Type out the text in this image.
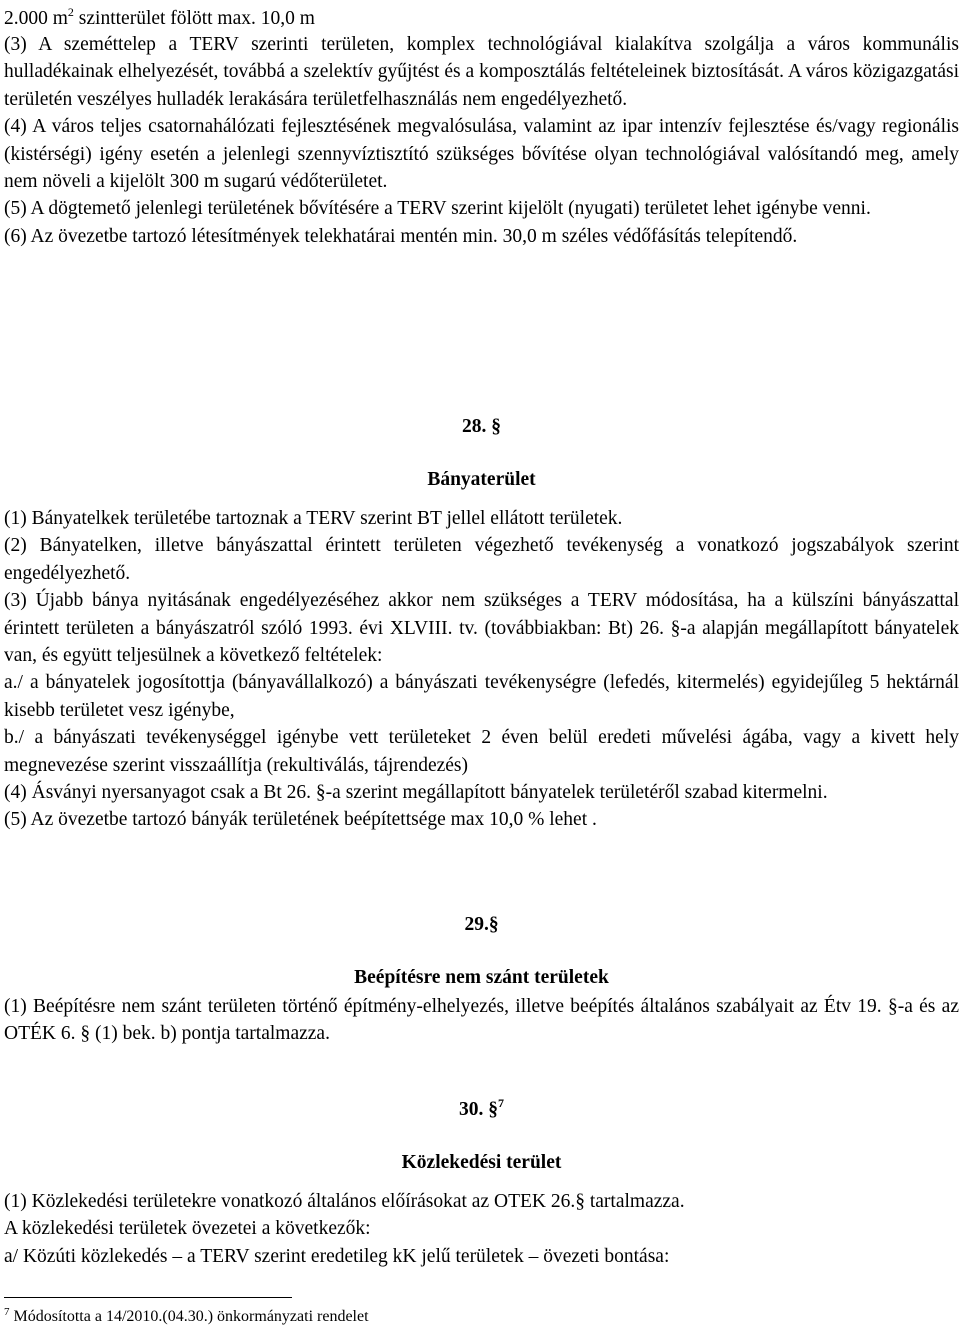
2.000 $m^2$ szintterület fölött max. 10,0 m

(3) A szeméttelep a TERV szerinti területen, komplex technológiával kialakítva szolgálja a város kommunális hulladékainak elhelyezését, továbbá a szelektív gyűjtést és a komposztálás feltételeinek biztosítását. A város közigazgatási területén veszélyes hulladék lerakására területfelhasználás nem engedélyezhető.

(4) A város teljes csatornahálózati fejlesztésének megvalósulása, valamint az ipar intenzív fejlesztése és/vagy regionális (kistérségi) igény esetén a jelenlegi szennyvíztisztító szükséges bővítése olyan technológiával valósítandó meg, amely nem növeli a kijelölt 300 m sugarú védőterületet.

(5) A dögtemető jelenlegi területének bővítésére a TERV szerint kijelölt (nyugati) területet lehet igénybe venni.

(6) Az övezetbe tartozó létesítmények telekhatárai mentén min. 30,0 m széles védőfásítás telepítendő.

28. §
Bányaterület

(1) Bányatelkek területébe tartoznak a TERV szerint BT jellel ellátott területek.

(2) Bányatelken, illetve bányászattal érintett területen végezhető tevékenység a vonatkozó jogszabályok szerint engedélyezhető.

(3) Újabb bánya nyitásának engedélyezéséhez akkor nem szükséges a TERV módosítása, ha a külszíni bányászattal érintett területen a bányászatról szóló 1993. évi XLVIII. tv. (továbbiakban: Bt) 26. §-a alapján megállapított bányatelek van, és együtt teljesülnek a következő feltételek:

a./ a bányatelek jogosítottja (bányavállalkozó) a bányászati tevékenységre (lefedés, kitermelés) egyidejűleg 5 hektárnál kisebb területet vesz igénybe,

b./ a bányászati tevékenységgel igénybe vett területeket 2 éven belül eredeti művelési ágába, vagy a kivett hely megnevezése szerint visszaállítja (rekultiválás, tájrendezés)

(4) Ásványi nyersanyagot csak a Bt 26. §-a szerint megállapított bányatelek területéről szabad kitermelni.

(5) Az övezetbe tartozó bányák területének beépítettsége max 10,0 % lehet .

29.§
Beépítésre nem szánt területek

(1) Beépítésre nem szánt területen történő építmény-elhelyezés, illetve beépítés általános szabályait az Étv 19. §-a és az OTÉK 6. § (1) bek. b) pontja tartalmazza.

30. §$^7$
Közlekedési terület

(1) Közlekedési területekre vonatkozó általános előírásokat az OTEK 26.§ tartalmazza.

A közlekedési területek övezetei a következők:

a/ Közúti közlekedés – a TERV szerint eredetileg kK jelű területek – övezeti bontása:

$^7$ Módosította a 14/2010.(04.30.) önkormányzati rendelet
